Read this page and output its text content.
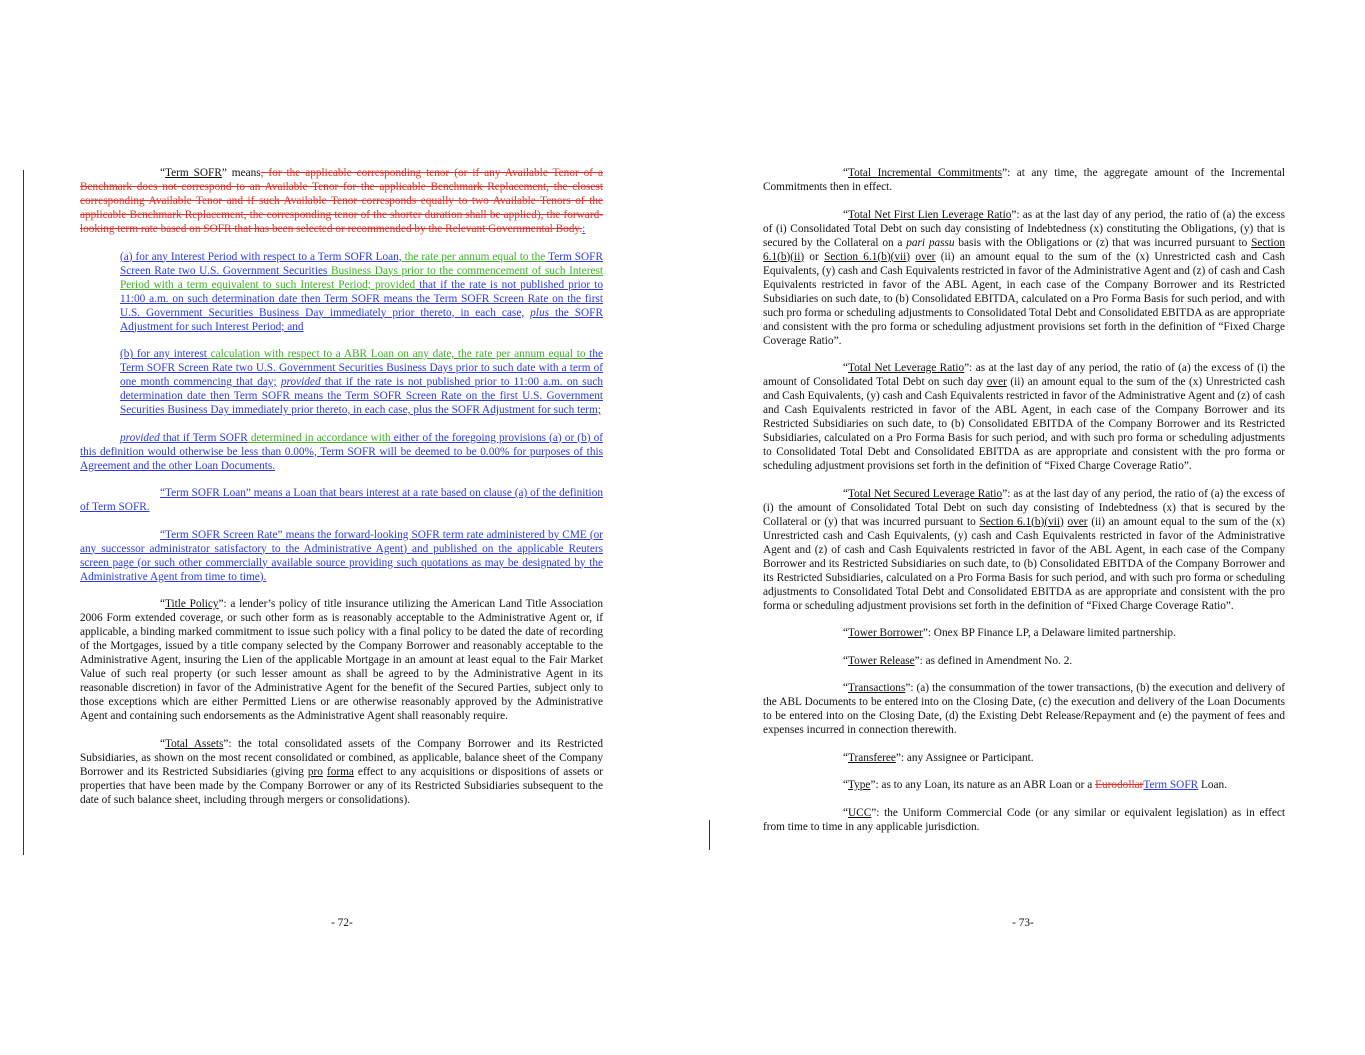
“Term SOFR” means, for the applicable corresponding tenor (or if any Available Tenor of a Benchmark does not correspond to an Available Tenor for the applicable Benchmark Replacement, the closest corresponding Available Tenor and if such Available Tenor corresponds equally to two Available Tenors of the applicable Benchmark Replacement, the corresponding tenor of the shorter duration shall be applied), the forward-looking term rate based on SOFR that has been selected or recommended by the Relevant Governmental Body.:

(a) for any Interest Period with respect to a Term SOFR Loan, the rate per annum equal to the Term SOFR Screen Rate two U.S. Government Securities Business Days prior to the commencement of such Interest Period with a term equivalent to such Interest Period; provided that if the rate is not published prior to 11:00 a.m. on such determination date then Term SOFR means the Term SOFR Screen Rate on the first U.S. Government Securities Business Day immediately prior thereto, in each case, plus the SOFR Adjustment for such Interest Period; and

(b) for any interest calculation with respect to a ABR Loan on any date, the rate per annum equal to the Term SOFR Screen Rate two U.S. Government Securities Business Days prior to such date with a term of one month commencing that day; provided that if the rate is not published prior to 11:00 a.m. on such determination date then Term SOFR means the Term SOFR Screen Rate on the first U.S. Government Securities Business Day immediately prior thereto, in each case, plus the SOFR Adjustment for such term;

provided that if Term SOFR determined in accordance with either of the foregoing provisions (a) or (b) of this definition would otherwise be less than 0.00%, Term SOFR will be deemed to be 0.00% for purposes of this Agreement and the other Loan Documents.

“Term SOFR Loan” means a Loan that bears interest at a rate based on clause (a) of the definition of Term SOFR.

“Term SOFR Screen Rate” means the forward-looking SOFR term rate administered by CME (or any successor administrator satisfactory to the Administrative Agent) and published on the applicable Reuters screen page (or such other commercially available source providing such quotations as may be designated by the Administrative Agent from time to time).

“Title Policy”: a lender’s policy of title insurance utilizing the American Land Title Association 2006 Form extended coverage, or such other form as is reasonably acceptable to the Administrative Agent or, if applicable, a binding marked commitment to issue such policy with a final policy to be dated the date of recording of the Mortgages, issued by a title company selected by the Company Borrower and reasonably acceptable to the Administrative Agent, insuring the Lien of the applicable Mortgage in an amount at least equal to the Fair Market Value of such real property (or such lesser amount as shall be agreed to by the Administrative Agent in its reasonable discretion) in favor of the Administrative Agent for the benefit of the Secured Parties, subject only to those exceptions which are either Permitted Liens or are otherwise reasonably approved by the Administrative Agent and containing such endorsements as the Administrative Agent shall reasonably require.

“Total Assets”: the total consolidated assets of the Company Borrower and its Restricted Subsidiaries, as shown on the most recent consolidated or combined, as applicable, balance sheet of the Company Borrower and its Restricted Subsidiaries (giving pro forma effect to any acquisitions or dispositions of assets or properties that have been made by the Company Borrower or any of its Restricted Subsidiaries subsequent to the date of such balance sheet, including through mergers or consolidations).

- 72-

“Total Incremental Commitments”: at any time, the aggregate amount of the Incremental Commitments then in effect.

“Total Net First Lien Leverage Ratio”: as at the last day of any period, the ratio of (a) the excess of (i) Consolidated Total Debt on such day consisting of Indebtedness (x) constituting the Obligations, (y) that is secured by the Collateral on a pari passu basis with the Obligations or (z) that was incurred pursuant to Section 6.1(b)(ii) or Section 6.1(b)(vii) over (ii) an amount equal to the sum of the (x) Unrestricted cash and Cash Equivalents, (y) cash and Cash Equivalents restricted in favor of the Administrative Agent and (z) of cash and Cash Equivalents restricted in favor of the ABL Agent, in each case of the Company Borrower and its Restricted Subsidiaries on such date, to (b) Consolidated EBITDA, calculated on a Pro Forma Basis for such period, and with such pro forma or scheduling adjustments to Consolidated Total Debt and Consolidated EBITDA as are appropriate and consistent with the pro forma or scheduling adjustment provisions set forth in the definition of “Fixed Charge Coverage Ratio”.

“Total Net Leverage Ratio”: as at the last day of any period, the ratio of (a) the excess of (i) the amount of Consolidated Total Debt on such day over (ii) an amount equal to the sum of the (x) Unrestricted cash and Cash Equivalents, (y) cash and Cash Equivalents restricted in favor of the Administrative Agent and (z) of cash and Cash Equivalents restricted in favor of the ABL Agent, in each case of the Company Borrower and its Restricted Subsidiaries on such date, to (b) Consolidated EBITDA of the Company Borrower and its Restricted Subsidiaries, calculated on a Pro Forma Basis for such period, and with such pro forma or scheduling adjustments to Consolidated Total Debt and Consolidated EBITDA as are appropriate and consistent with the pro forma or scheduling adjustment provisions set forth in the definition of “Fixed Charge Coverage Ratio”.

“Total Net Secured Leverage Ratio”: as at the last day of any period, the ratio of (a) the excess of (i) the amount of Consolidated Total Debt on such day consisting of Indebtedness (x) that is secured by the Collateral or (y) that was incurred pursuant to Section 6.1(b)(vii) over (ii) an amount equal to the sum of the (x) Unrestricted cash and Cash Equivalents, (y) cash and Cash Equivalents restricted in favor of the Administrative Agent and (z) of cash and Cash Equivalents restricted in favor of the ABL Agent, in each case of the Company Borrower and its Restricted Subsidiaries on such date, to (b) Consolidated EBITDA of the Company Borrower and its Restricted Subsidiaries, calculated on a Pro Forma Basis for such period, and with such pro forma or scheduling adjustments to Consolidated Total Debt and Consolidated EBITDA as are appropriate and consistent with the pro forma or scheduling adjustment provisions set forth in the definition of “Fixed Charge Coverage Ratio”.

“Tower Borrower”: Onex BP Finance LP, a Delaware limited partnership.

“Tower Release”: as defined in Amendment No. 2.

“Transactions”: (a) the consummation of the tower transactions, (b) the execution and delivery of the ABL Documents to be entered into on the Closing Date, (c) the execution and delivery of the Loan Documents to be entered into on the Closing Date, (d) the Existing Debt Release/Repayment and (e) the payment of fees and expenses incurred in connection therewith.

“Transferee”: any Assignee or Participant.

“Type”: as to any Loan, its nature as an ABR Loan or a EurodollarTerm SOFR Loan.

“UCC”: the Uniform Commercial Code (or any similar or equivalent legislation) as in effect from time to time in any applicable jurisdiction.

- 73-
